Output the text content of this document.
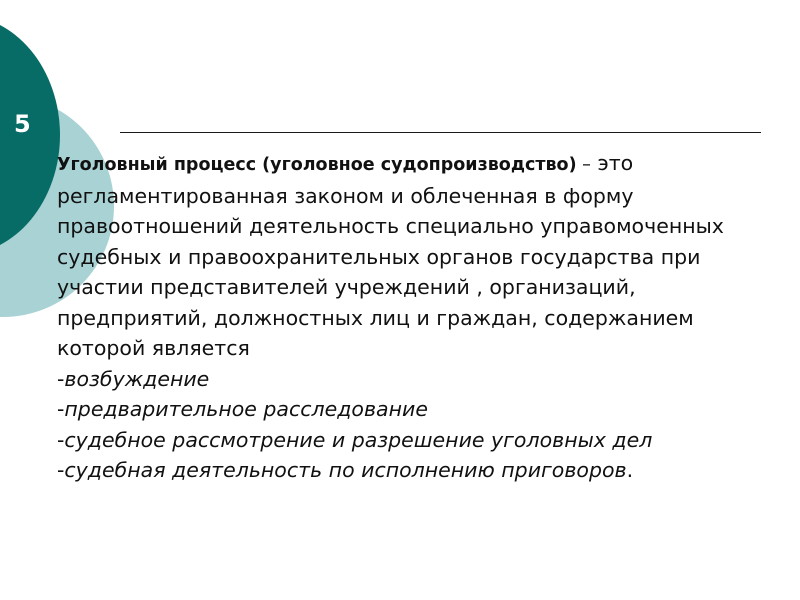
5
Уголовный процесс (уголовное судопроизводство) – это регламентированная законом и облеченная в форму правоотношений деятельность специально управомоченных судебных и правоохранительных органов государства при участии представителей учреждений , организаций, предприятий, должностных лиц и граждан, содержанием которой является
-возбуждение
-предварительное расследование
-судебное рассмотрение и разрешение уголовных дел
-судебная деятельность по исполнению приговоров.
